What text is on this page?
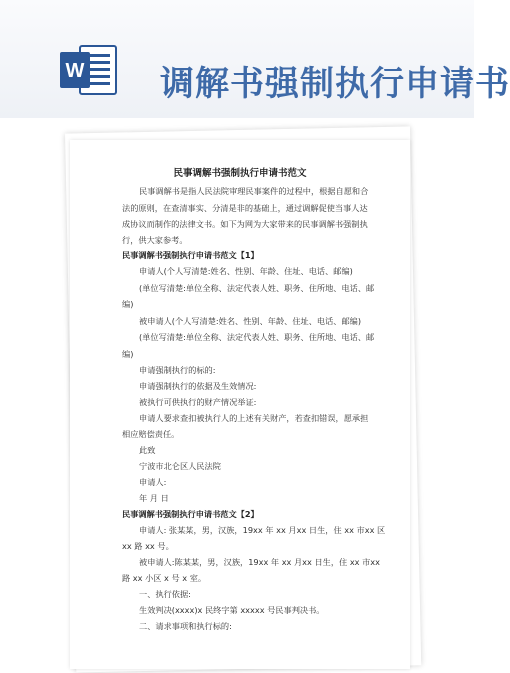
W 调解书强制执行申请书
民事调解书强制执行申请书范文
民事调解书是指人民法院审理民事案件的过程中，根据自愿和合
法的原则，在查清事实、分清是非的基础上，通过调解促使当事人达
成协议而制作的法律文书。如下为网为大家带来的民事调解书强制执
行，供大家参考。
民事调解书强制执行申请书范文【1】
申请人(个人写清楚:姓名、性别、年龄、住址、电话、邮编)
(单位写清楚:单位全称、法定代表人姓、职务、住所地、电话、邮
编)
被申请人(个人写清楚:姓名、性别、年龄、住址、电话、邮编)
(单位写清楚:单位全称、法定代表人姓、职务、住所地、电话、邮
编)
申请强制执行的标的:
申请强制执行的依据及生效情况:
被执行可供执行的财产情况举证:
申请人要求查扣被执行人的上述有关财产，若查扣错误，愿承担
相应赔偿责任。
此致
宁波市北仑区人民法院
申请人:
年 月 日
民事调解书强制执行申请书范文【2】
申请人: 张某某，男，汉族，19xx 年 xx 月xx 日生，住 xx 市xx 区
xx 路 xx 号。
被申请人:陈某某，男，汉族，19xx 年 xx 月xx 日生，住 xx 市xx
路 xx 小区 x 号 x 室。
一、执行依据:
生效判决(xxxx)x 民终字第 xxxxx 号民事判决书。
二、请求事项和执行标的:
